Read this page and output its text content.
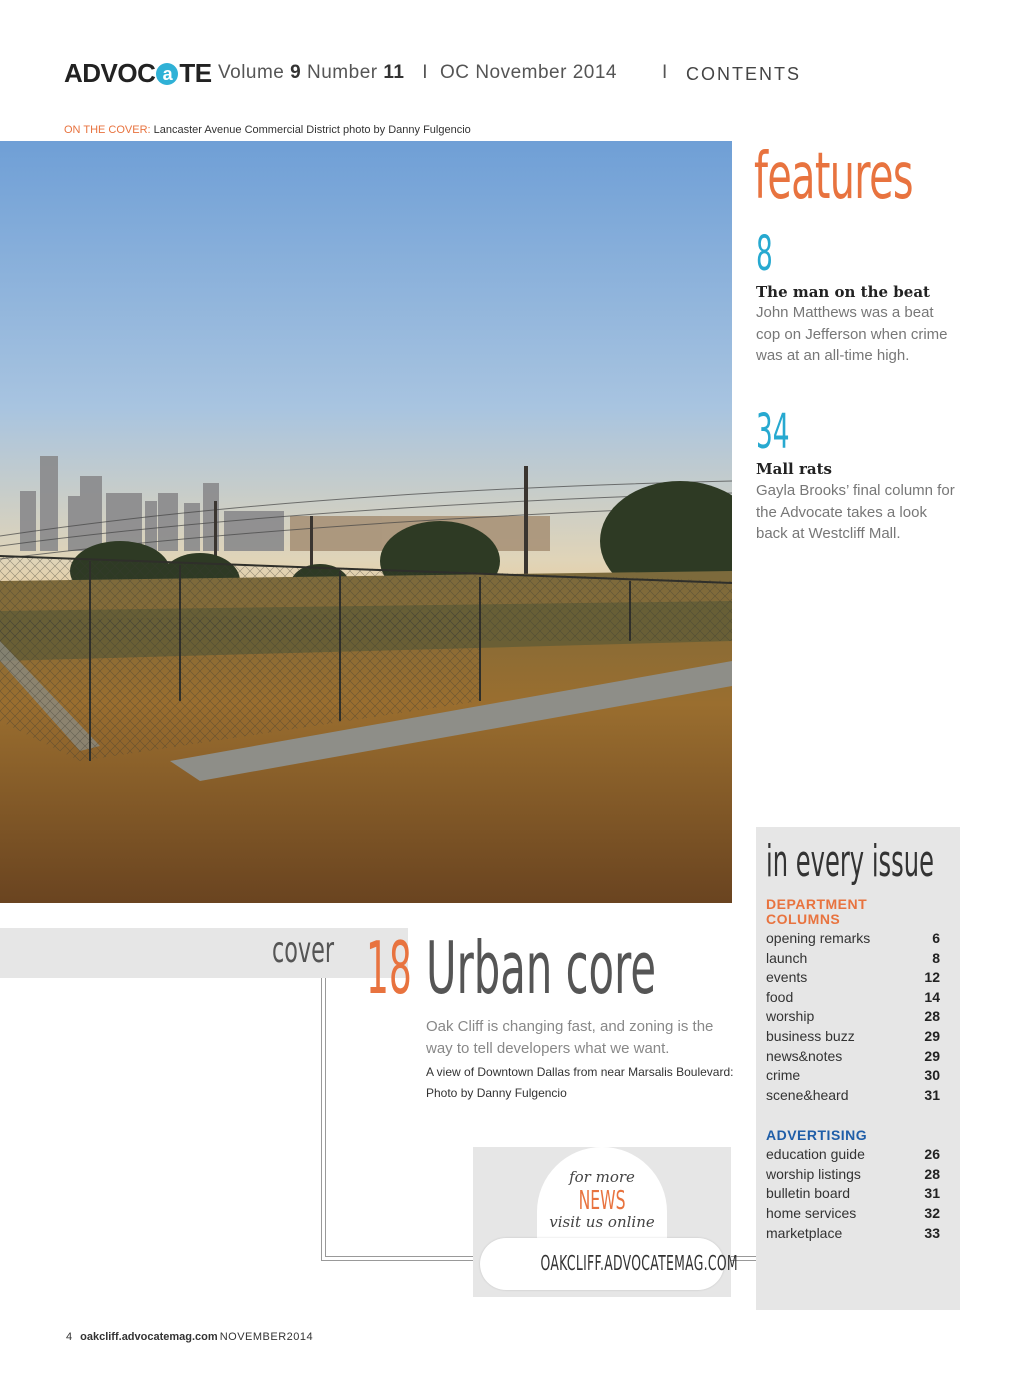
ADVOC a TE Volume 9 Number 11 I OC November 2014 I CONTENTS
ON THE COVER: Lancaster Avenue Commercial District photo by Danny Fulgencio
features
8
The man on the beat
John Matthews was a beat cop on Jefferson when crime was at an all-time high.
34
Mall rats
Gayla Brooks’ final column for the Advocate takes a look back at Westcliff Mall.
in every issue
DEPARTMENT COLUMNS
opening remarks	6
launch	8
events	12
food	14
worship	28
business buzz	29
news&notes	29
crime	30
scene&heard	31
ADVERTISING
education guide	26
worship listings	28
bulletin board	31
home services	32
marketplace	33
cover 18 Urban core
Oak Cliff is changing fast, and zoning is the way to tell developers what we want.
A view of Downtown Dallas from near Marsalis Boulevard: Photo by Danny Fulgencio
for more
NEWS
visit us online
OAKCLIFF.ADVOCATEMAG.COM
4 oakcliff.advocatemag.com NOVEMBER2014
